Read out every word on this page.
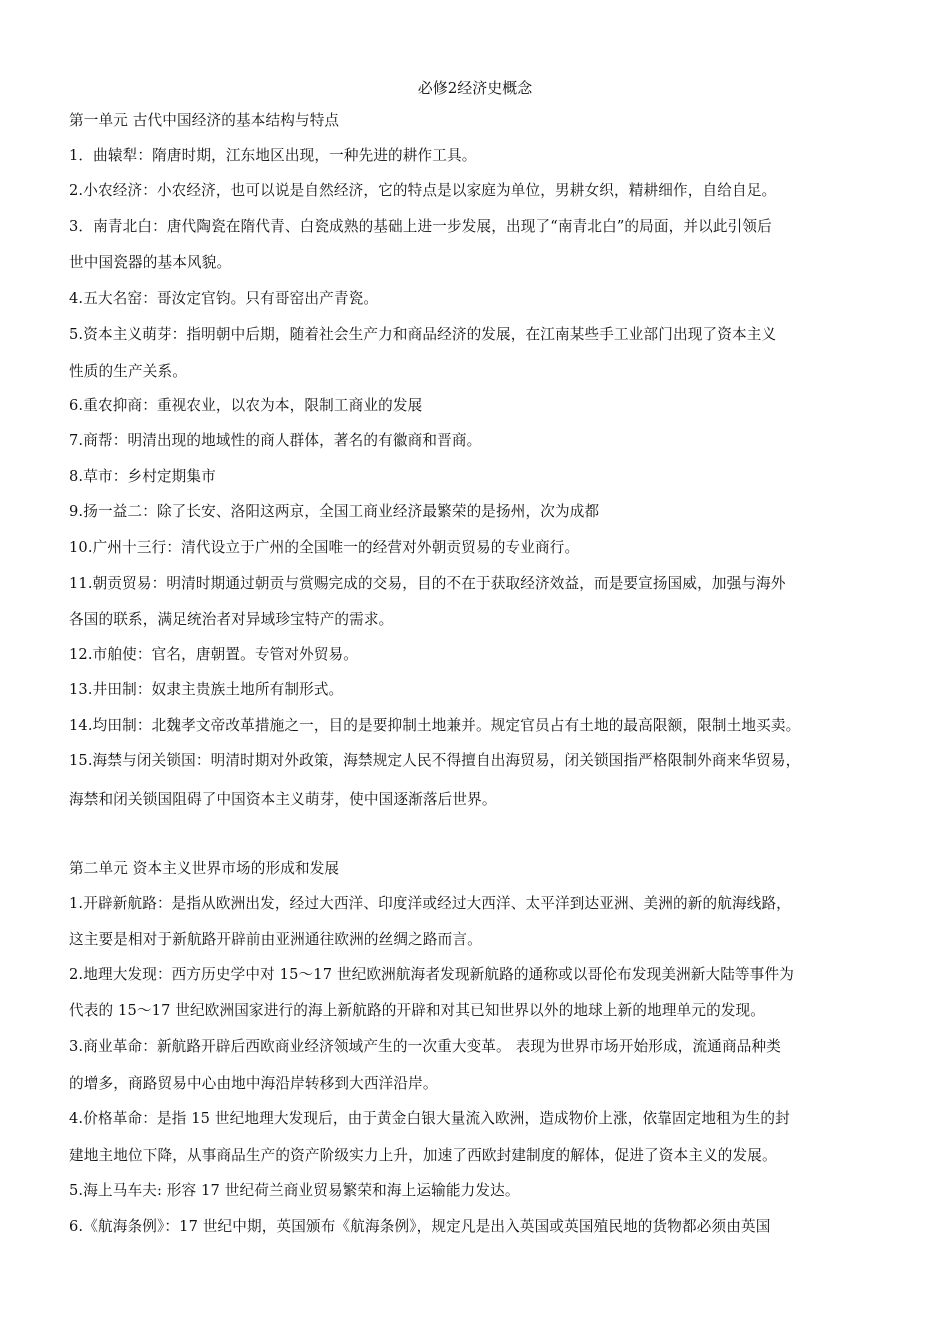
必修2经济史概念
第一单元 古代中国经济的基本结构与特点
1．曲辕犁：隋唐时期，江东地区出现，一种先进的耕作工具。
2.小农经济：小农经济，也可以说是自然经济，它的特点是以家庭为单位，男耕女织，精耕细作，自给自足。
3．南青北白：唐代陶瓷在隋代青、白瓷成熟的基础上进一步发展，出现了“南青北白”的局面，并以此引领后
世中国瓷器的基本风貌。
4.五大名窑：哥汝定官钧。只有哥窑出产青瓷。
5.资本主义萌芽：指明朝中后期，随着社会生产力和商品经济的发展，在江南某些手工业部门出现了资本主义
性质的生产关系。
6.重农抑商：重视农业，以农为本，限制工商业的发展
7.商帮：明清出现的地域性的商人群体，著名的有徽商和晋商。
8.草市：乡村定期集市
9.扬一益二：除了长安、洛阳这两京，全国工商业经济最繁荣的是扬州，次为成都
10.广州十三行：清代设立于广州的全国唯一的经营对外朝贡贸易的专业商行。
11.朝贡贸易：明清时期通过朝贡与赏赐完成的交易，目的不在于获取经济效益，而是要宣扬国威，加强与海外
各国的联系，满足统治者对异域珍宝特产的需求。
12.市舶使：官名，唐朝置。专管对外贸易。
13.井田制：奴隶主贵族土地所有制形式。
14.均田制：北魏孝文帝改革措施之一，目的是要抑制土地兼并。规定官员占有土地的最高限额，限制土地买卖。
15.海禁与闭关锁国：明清时期对外政策，海禁规定人民不得擅自出海贸易，闭关锁国指严格限制外商来华贸易，
海禁和闭关锁国阻碍了中国资本主义萌芽，使中国逐渐落后世界。
第二单元 资本主义世界市场的形成和发展
1.开辟新航路：是指从欧洲出发，经过大西洋、印度洋或经过大西洋、太平洋到达亚洲、美洲的新的航海线路，
这主要是相对于新航路开辟前由亚洲通往欧洲的丝绸之路而言。
2.地理大发现：西方历史学中对 15～17 世纪欧洲航海者发现新航路的通称或以哥伦布发现美洲新大陆等事件为
代表的 15～17 世纪欧洲国家进行的海上新航路的开辟和对其已知世界以外的地球上新的地理单元的发现。
3.商业革命：新航路开辟后西欧商业经济领域产生的一次重大变革。 表现为世界市场开始形成，流通商品种类
的增多，商路贸易中心由地中海沿岸转移到大西洋沿岸。
4.价格革命：是指 15 世纪地理大发现后，由于黄金白银大量流入欧洲，造成物价上涨，依靠固定地租为生的封
建地主地位下降，从事商品生产的资产阶级实力上升，加速了西欧封建制度的解体，促进了资本主义的发展。
5.海上马车夫: 形容 17 世纪荷兰商业贸易繁荣和海上运输能力发达。
6.《航海条例》：17 世纪中期，英国颁布《航海条例》，规定凡是出入英国或英国殖民地的货物都必须由英国
